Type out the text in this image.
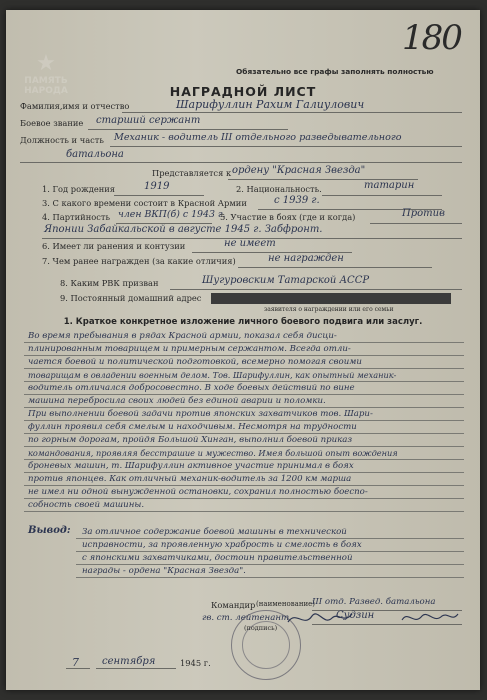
★
ПАМЯТЬ НАРОДА
180
Обязательно все графы заполнять полностью
НАГРАДНОЙ ЛИСТ
Фамилия,имя и отчество	Шарифуллин Рахим Галиулович
Боевое звание старший сержант
Должность и часть Механик - водитель III отдельного разведывательного
батальона
Представляется к ордену "Красная Звезда"
1. Год рождения	1919	2. Национальность.	татарин
3. С какого времени состоит в Красной Армии	с 1939 г.
4. Партийность член ВКП(б) с 1943 г.
5. Участие в боях (где и когда)	Против
Японии Забайкальской в августе 1945 г. Забфронт.
6. Имеет ли ранения и контузии	не имеет
7. Чем ранее награжден (за какие отличия)	не награжден
8. Каким РВК призван	Шугуровским Татарской АССР
9. Постоянный домашний адрес
заявителя о награждении или его семьи
1. Краткое конкретное изложение личного боевого подвига или заслуг.
Во время пребывания в рядах Красной армии, показал себя дисци-
плинированным товарищем и примерным сержантом. Всегда отли-
чается боевой и политической подготовкой, всемерно помогая своими
товарищам в овладении военным делом. Тов. Шарифуллин, как опытный механик-
водитель отличался добросовестно. В ходе боевых действий по вине
машина перебросила своих людей без единой аварии и поломки.
При выполнении боевой задачи против японских захватчиков тов. Шари-
фуллин проявил себя смелым и находчивым. Несмотря на трудности
по горным дорогам, пройдя Большой Хинган, выполнил боевой приказ
командования, проявляя бесстрашие и мужество. Имея большой опыт вождения
броневых машин, т. Шарифуллин активное участие принимал в боях
против японцев. Как отличный механик-водитель за 1200 км марша
не имел ни одной вынужденной остановки, сохранил полностью боеспо-
собность своей машины.
Вывод: За отличное содержание боевой машины в технической
исправности, за проявленную храбрость и смелость в боях
с японскими захватчиками, достоин правительственной
награды - ордена "Красная Звезда".
Командир (наименование)
III отд. Развед. батальона
гв. ст. лейтенант	Судзин
(подпись)
7 сентября	1945 г.
